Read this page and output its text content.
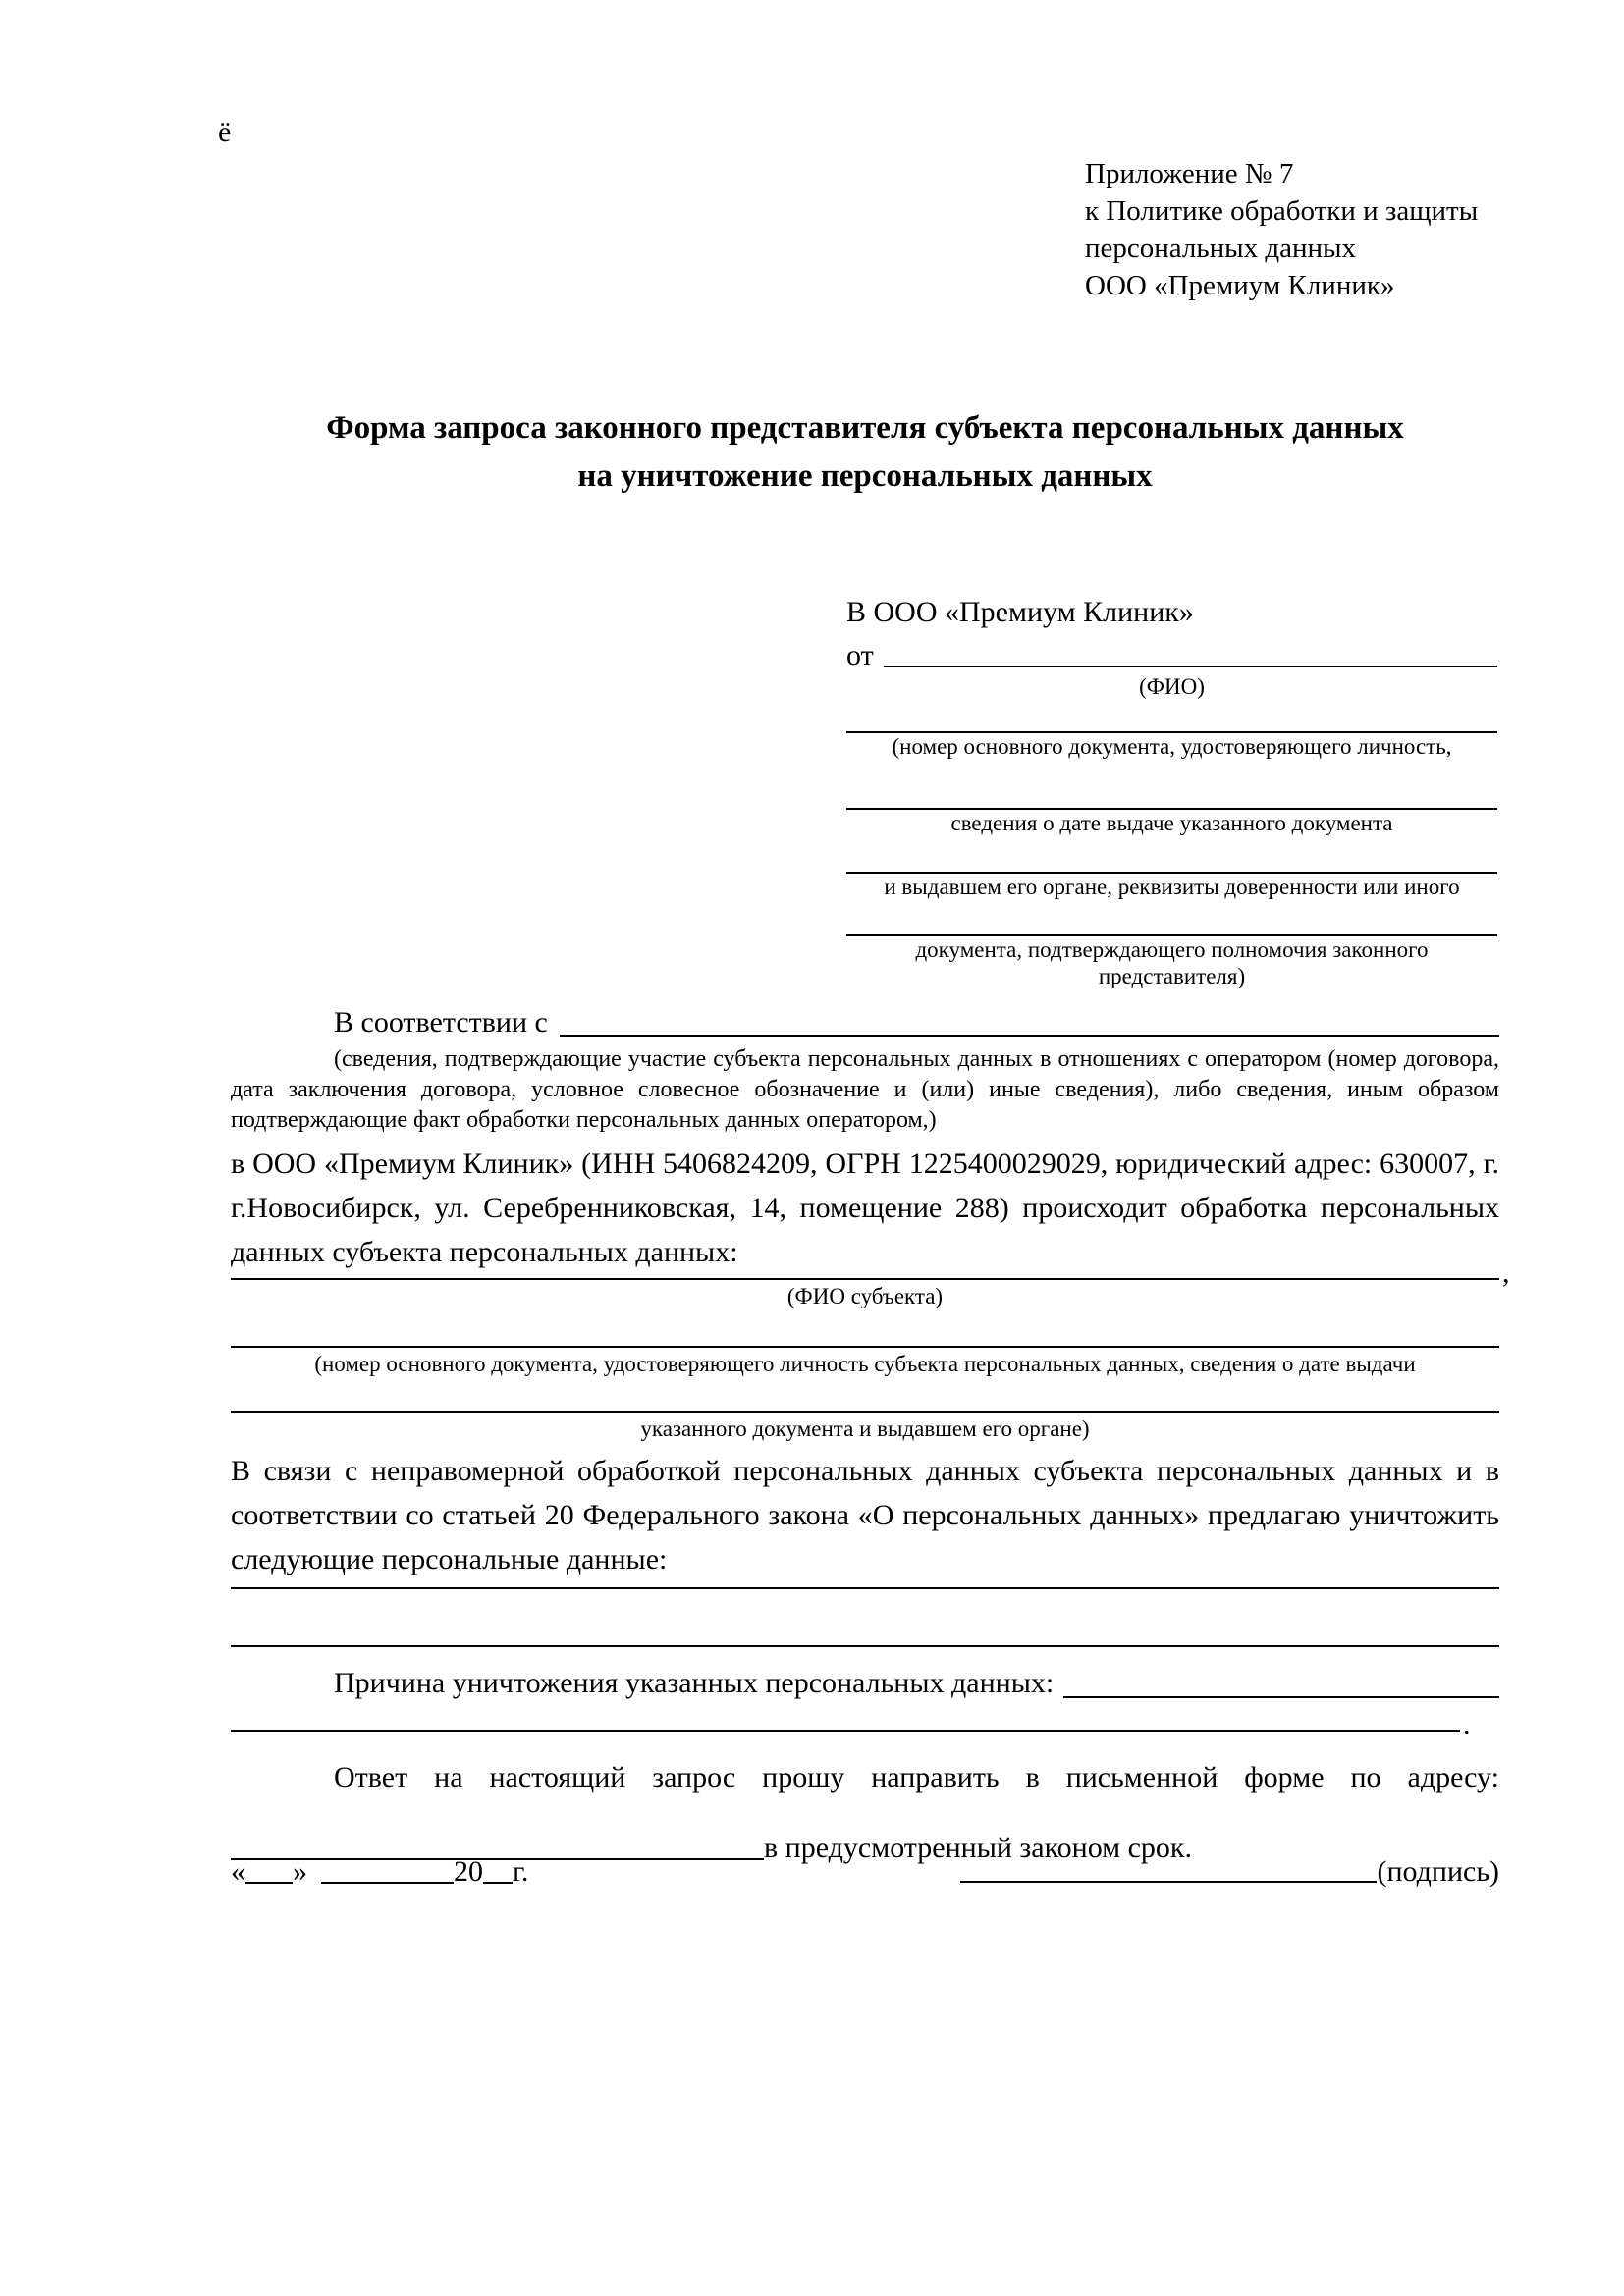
ё
Приложение № 7
к Политике обработки и защиты
персональных данных
ООО «Премиум Клиник»
Форма запроса законного представителя субъекта персональных данных
на уничтожение персональных данных
В ООО «Премиум Клиник»
от
(ФИО)
(номер основного документа, удостоверяющего личность,
сведения о дате выдаче указанного документа
и выдавшем его органе, реквизиты доверенности или иного
документа, подтверждающего полномочия законного представителя)
В соответствии с

(сведения, подтверждающие участие субъекта персональных данных в отношениях с оператором (номер договора, дата заключения договора, условное словесное обозначение и (или) иные сведения), либо сведения, иным образом подтверждающие факт обработки персональных данных оператором,)

в ООО «Премиум Клиник» (ИНН 5406824209, ОГРН 1225400029029, юридический адрес: 630007, г. г.Новосибирск, ул. Серебренниковская, 14, помещение 288) происходит обработка персональных данных субъекта персональных данных:

,
(ФИО субъекта)
(номер основного документа, удостоверяющего личность субъекта персональных данных, сведения о дате выдачи
указанного документа и выдавшем его органе)

В связи с неправомерной обработкой персональных данных субъекта персональных данных и в соответствии со статьей 20 Федерального закона «О персональных данных» предлагаю уничтожить следующие персональные данные:

Причина уничтожения указанных персональных данных:
.

Ответ на настоящий запрос прошу направить в письменной форме по адресу:

в предусмотренный законом срок.
« »	20 г.	(подпись)
